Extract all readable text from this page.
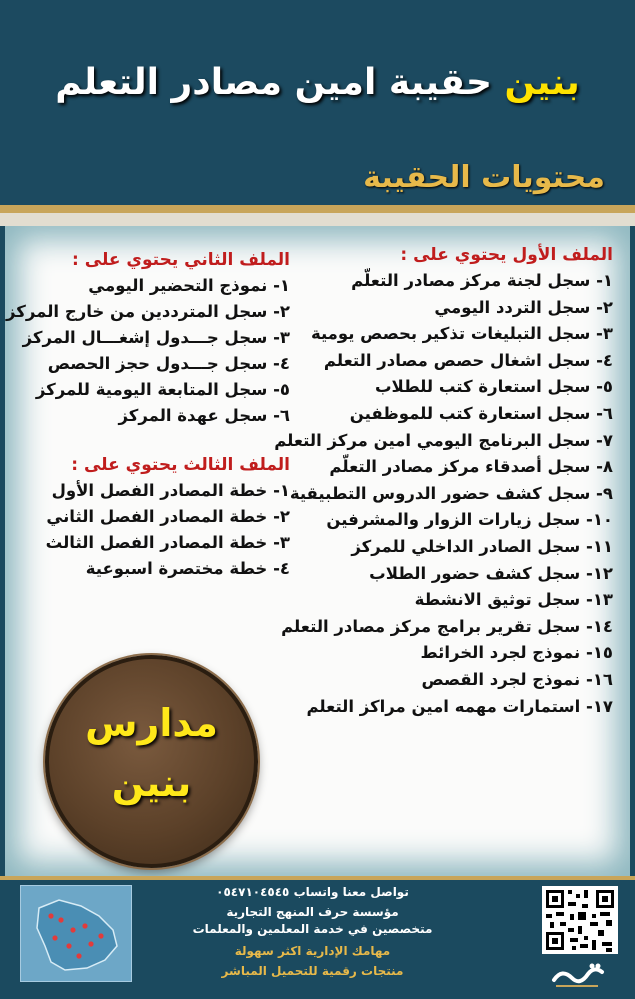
بنين حقيبة امين مصادر التعلم
محتويات الحقيبة
الملف الأول يحتوي على :
١- سجل لجنة مركز مصادر التعلّم
٢- سجل التردد اليومي
٣- سجل التبليغات تذكير بحصص يومية
٤- سجل اشغال حصص مصادر التعلم
٥- سجل استعارة كتب للطلاب
٦- سجل استعارة كتب للموظفين
٧- سجل البرنامج اليومي امين مركز التعلم
٨- سجل أصدقاء مركز مصادر التعلّم
٩- سجل كشف حضور الدروس التطبيقية
١٠- سجل زيارات الزوار والمشرفين
١١- سجل الصادر الداخلي للمركز
١٢- سجل كشف حضور الطلاب
١٣- سجل توثيق الانشطة
١٤- سجل تقرير برامج مركز مصادر التعلم
١٥- نموذج لجرد الخرائط
١٦- نموذج لجرد القصص
١٧- استمارات مهمه امين مراكز التعلم
الملف الثاني يحتوي على :
١- نموذج التحضير اليومي
٢- سجل المترددين من خارج المركز
٣- سجل جـــدول إشغـــال المركز
٤- سجل جـــدول حجز الحصص
٥- سجل المتابعة اليومية للمركز
٦- سجل عهدة المركز
الملف الثالث يحتوي على :
١- خطة المصادر الفصل الأول
٢- خطة المصادر الفصل الثاني
٣- خطة المصادر الفصل الثالث
٤- خطة مختصرة اسبوعية
مدارس
بنين
تواصل معنا واتساب ٠٥٤٧١٠٤٥٤٥
مؤسسة حرف المنهج التجارية
متخصصين في خدمة المعلمين والمعلمات
مهامك الإدارية اكثر سهولة
منتجات رقمية للتحميل المباشر
